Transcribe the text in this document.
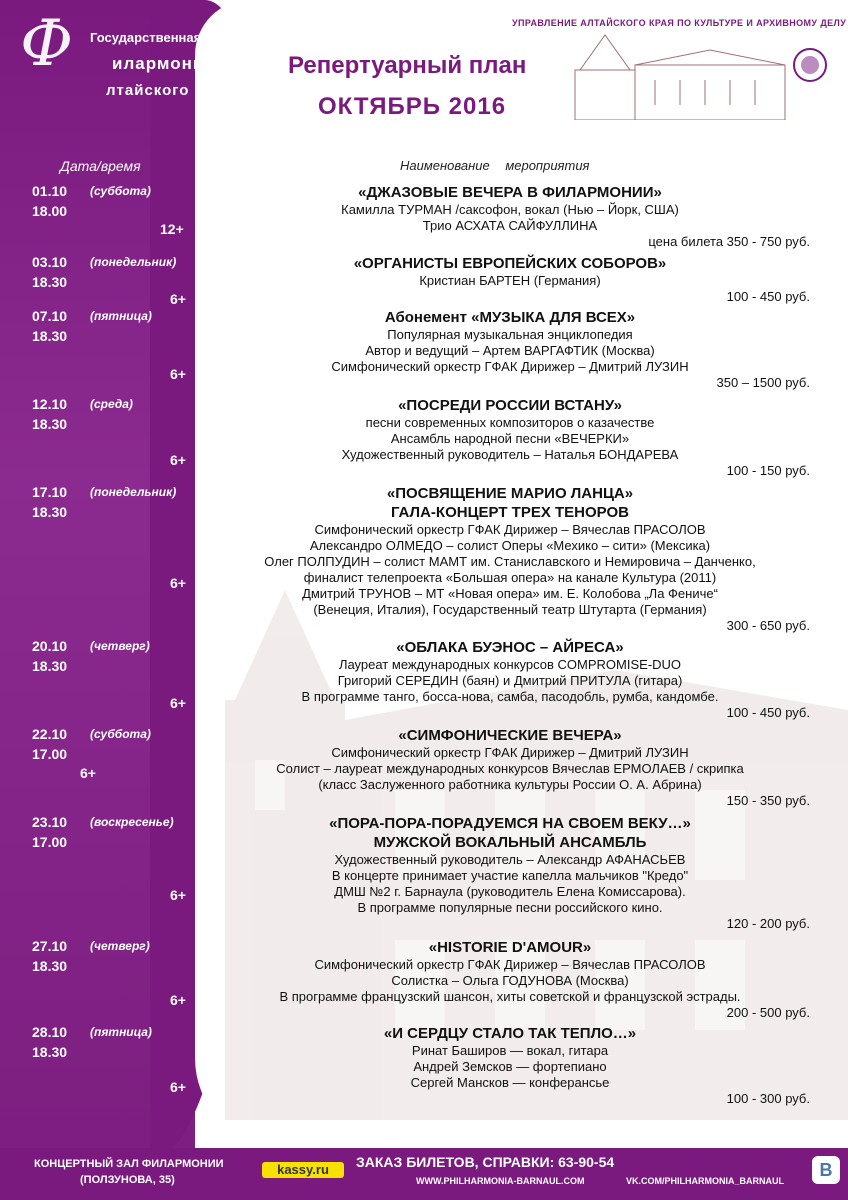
Ф Государственная
илармония
лтайского края
УПРАВЛЕНИЕ АЛТАЙСКОГО КРАЯ ПО КУЛЬТУРЕ И АРХИВНОМУ ДЕЛУ
Репертуарный план
ОКТЯБРЬ 2016
Дата/время	Наименование мероприятия
01.10 (суббота)
18.00
12+
«ДЖАЗОВЫЕ ВЕЧЕРА В ФИЛАРМОНИИ»
Камилла ТУРМАН /саксофон, вокал (Нью – Йорк, США)
Трио АСХАТА САЙФУЛЛИНА
цена билета 350 - 750 руб.
03.10 (понедельник)
18.30
6+
«ОРГАНИСТЫ ЕВРОПЕЙСКИХ СОБОРОВ»
Кристиан БАРТЕН (Германия)
100 - 450 руб.
07.10 (пятница)
18.30
6+
Абонемент «МУЗЫКА ДЛЯ ВСЕХ»
Популярная музыкальная энциклопедия
Автор и ведущий – Артем ВАРГАФТИК (Москва)
Симфонический оркестр ГФАК Дирижер – Дмитрий ЛУЗИН
350 – 1500 руб.
12.10 (среда)
18.30
6+
«ПОСРЕДИ РОССИИ ВСТАНУ»
песни современных композиторов о казачестве
Ансамбль народной песни «ВЕЧЕРКИ»
Художественный руководитель – Наталья БОНДАРЕВА
100 - 150 руб.
17.10 (понедельник)
18.30
6+
«ПОСВЯЩЕНИЕ МАРИО ЛАНЦА»
ГАЛА-КОНЦЕРТ ТРЕХ ТЕНОРОВ
Симфонический оркестр ГФАК Дирижер – Вячеслав ПРАСОЛОВ
Александро ОЛМЕДО – солист Оперы «Мехико – сити» (Мексика)
Олег ПОЛПУДИН – солист МАМТ им. Станиславского и Немировича – Данченко,
финалист телепроекта «Большая опера» на канале Культура (2011)
Дмитрий ТРУНОВ – МТ «Новая опера» им. Е. Колобова „Ла Фениче“
(Венеция, Италия), Государственный театр Штутарта (Германия)
300 - 650 руб.
20.10 (четверг)
18.30
6+
«ОБЛАКА БУЭНОС – АЙРЕСА»
Лауреат международных конкурсов COMPROMISE-DUO
Григорий СЕРЕДИН (баян) и Дмитрий ПРИТУЛА (гитара)
В программе танго, босса-нова, самба, пасодобль, румба, кандомбе.
100 - 450 руб.
22.10 (суббота)
17.00
6+
«СИМФОНИЧЕСКИЕ ВЕЧЕРА»
Симфонический оркестр ГФАК Дирижер – Дмитрий ЛУЗИН
Солист – лауреат международных конкурсов Вячеслав ЕРМОЛАЕВ / скрипка
(класс Заслуженного работника культуры России О. А. Абрина)
150 - 350 руб.
23.10 (воскресенье)
17.00
6+
«ПОРА-ПОРА-ПОРАДУЕМСЯ НА СВОЕМ ВЕКУ…»
МУЖСКОЙ ВОКАЛЬНЫЙ АНСАМБЛЬ
Художественный руководитель – Александр АФАНАСЬЕВ
В концерте принимает участие капелла мальчиков "Кредо"
ДМШ №2 г. Барнаула (руководитель Елена Комиссарова).
В программе популярные песни российского кино.
120 - 200 руб.
27.10 (четверг)
18.30
6+
«HISTORIE D'AMOUR»
Симфонический оркестр ГФАК Дирижер – Вячеслав ПРАСОЛОВ
Солистка – Ольга ГОДУНОВА (Москва)
В программе французский шансон, хиты советской и французской эстрады.
200 - 500 руб.
28.10 (пятница)
18.30
6+
«И СЕРДЦУ СТАЛО ТАК ТЕПЛО…»
Ринат Баширов — вокал, гитара
Андрей Земсков — фортепиано
Сергей Мансков — конферансье
100 - 300 руб.
КОНЦЕРТНЫЙ ЗАЛ ФИЛАРМОНИИ
(ПОЛЗУНОВА, 35)
kassy.ru	ЗАКАЗ БИЛЕТОВ, СПРАВКИ: 63-90-54
WWW.PHILHARMONIA-BARNAUL.COM	VK.COM/PHILHARMONIA_BARNAUL
В
